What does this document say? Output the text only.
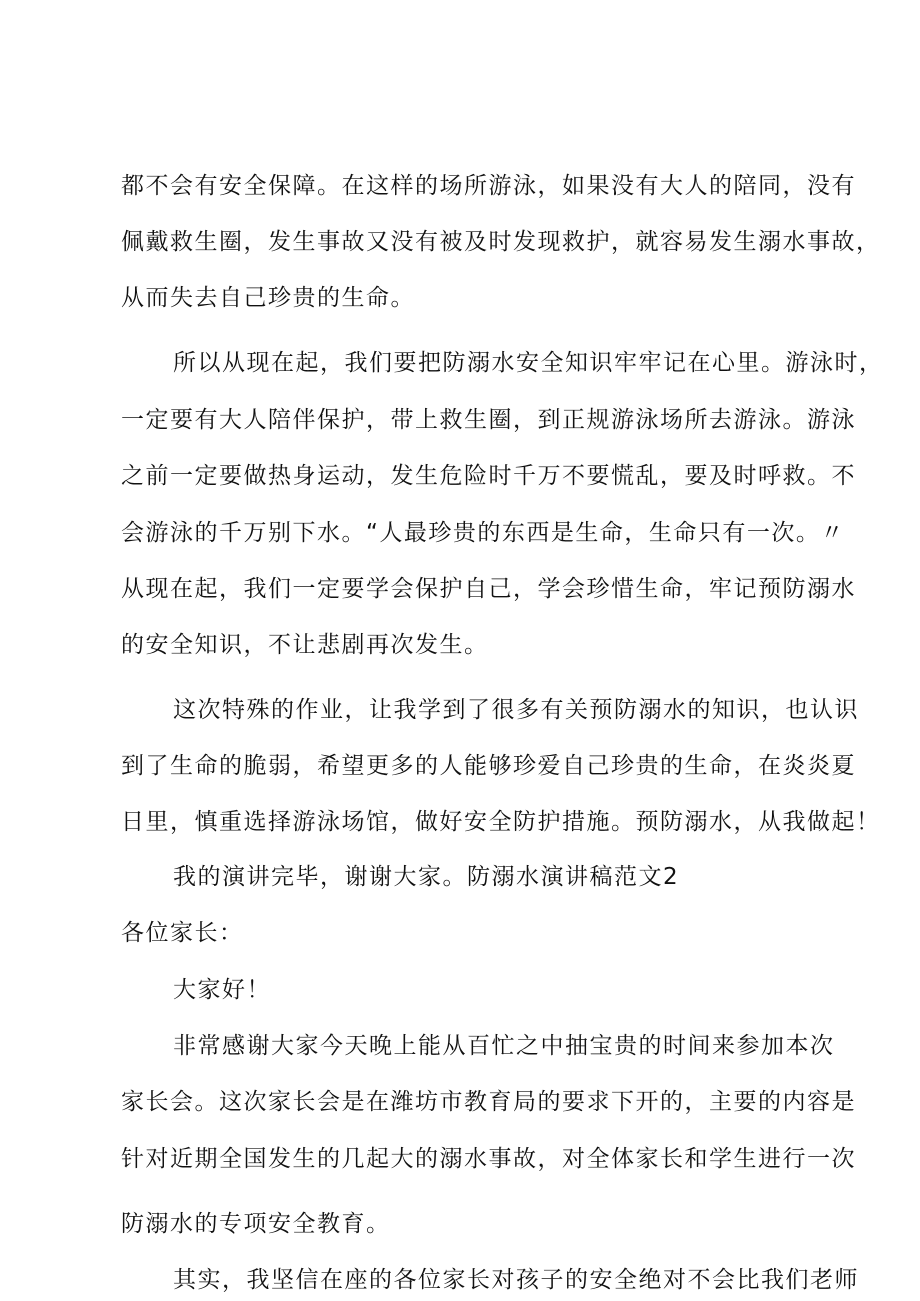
都不会有安全保障。在这样的场所游泳，如果没有大人的陪同，没有
佩戴救生圈，发生事故又没有被及时发现救护，就容易发生溺水事故，
从而失去自己珍贵的生命。
所以从现在起，我们要把防溺水安全知识牢牢记在心里。游泳时，
一定要有大人陪伴保护，带上救生圈，到正规游泳场所去游泳。游泳
之前一定要做热身运动，发生危险时千万不要慌乱，要及时呼救。不
会游泳的千万别下水。“人最珍贵的东西是生命，生命只有一次。〃
从现在起，我们一定要学会保护自己，学会珍惜生命，牢记预防溺水
的安全知识，不让悲剧再次发生。
这次特殊的作业，让我学到了很多有关预防溺水的知识，也认识
到了生命的脆弱，希望更多的人能够珍爱自己珍贵的生命，在炎炎夏
日里，慎重选择游泳场馆，做好安全防护措施。预防溺水，从我做起！
我的演讲完毕，谢谢大家。防溺水演讲稿范文2
各位家长：
大家好！
非常感谢大家今天晚上能从百忙之中抽宝贵的时间来参加本次
家长会。这次家长会是在潍坊市教育局的要求下开的，主要的内容是
针对近期全国发生的几起大的溺水事故，对全体家长和学生进行一次
防溺水的专项安全教育。
其实，我坚信在座的各位家长对孩子的安全绝对不会比我们老师
